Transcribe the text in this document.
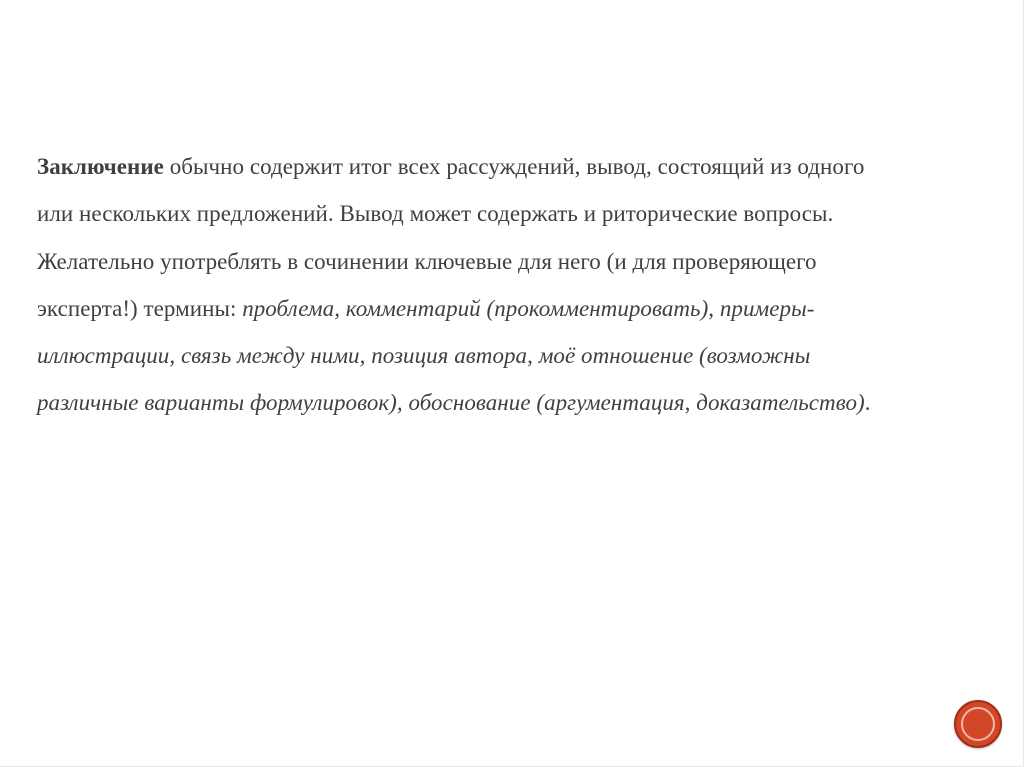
Заключение обычно содержит итог всех рассуждений, вывод, состоящий из одного
или нескольких предложений. Вывод может содержать и риторические вопросы.
Желательно употреблять в сочинении ключевые для него (и для проверяющего
эксперта!) термины: проблема, комментарий (прокомментировать), примеры-
иллюстрации, связь между ними, позиция автора, моё отношение (возможны
различные варианты формулировок), обоснование (аргументация, доказательство).
